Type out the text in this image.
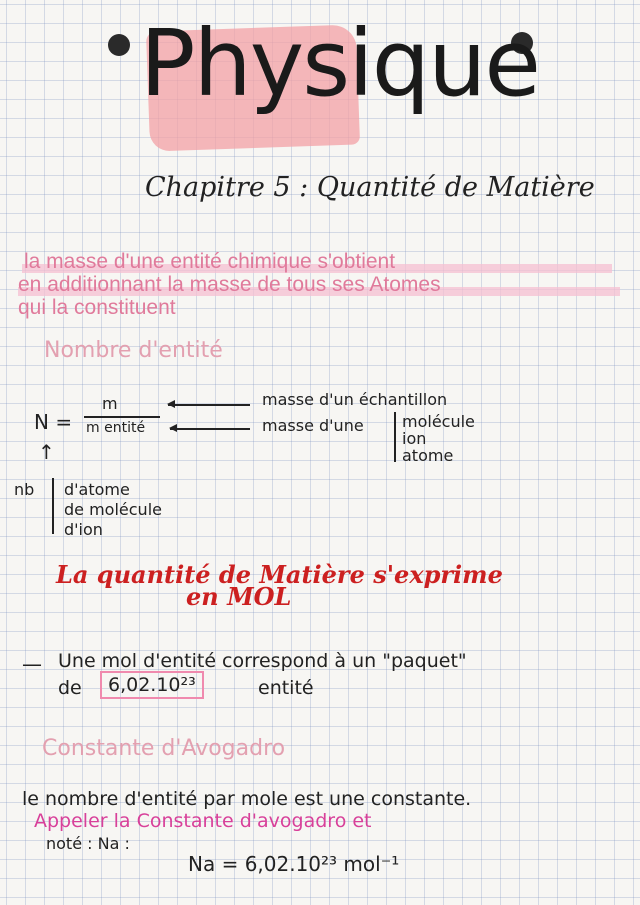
Physique
Chapitre 5 : Quantité de Matière
la masse d'une entité chimique s'obtient
en additionnant la masse de tous ses Atomes
qui la constituent
Nombre d'entité
N =
m
m entité
masse d'un échantillon
masse d'une molécule
ion
atome
↑
nb d'atome
de molécule
d'ion
La quantité de Matière s'exprime
en MOL
— Une mol d'entité correspond à un "paquet"
de	6,02.10²³	entité
Constante d'Avogadro
le nombre d'entité par mole est une constante.
Appeler la Constante d'avogadro et
noté : Na :
Na = 6,02.10²³ mol⁻¹
